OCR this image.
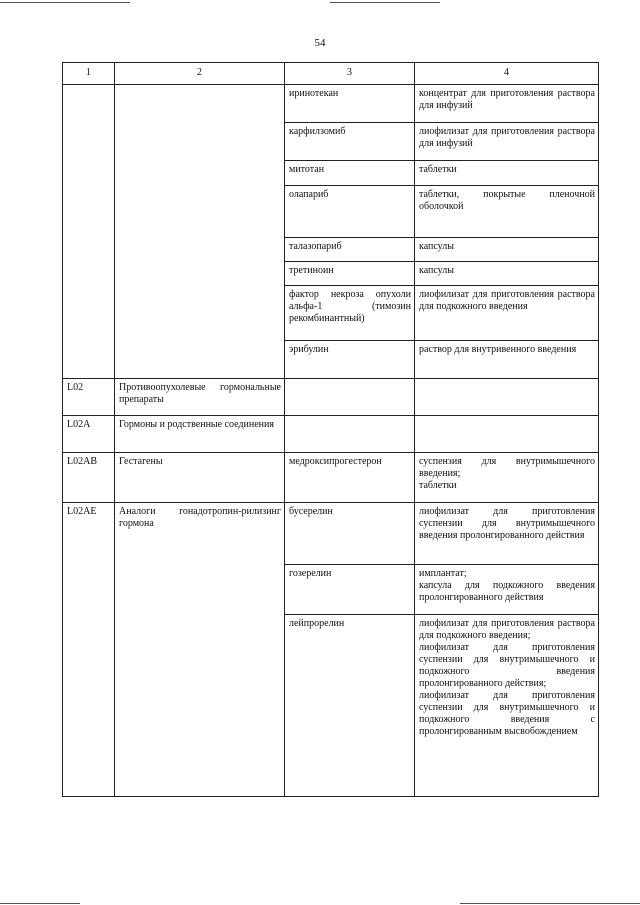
54
1	2	3	4
		иринотекан	концентрат для приготовления раствора для инфузий
		карфилзомиб	лиофилизат для приготовления раствора для инфузий
		митотан	таблетки
		олапариб	таблетки, покрытые пленочной оболочкой
		талазопариб	капсулы
		третиноин	капсулы
		фактор некроза опухоли альфа-1 (тимозин рекомбинантный)	лиофилизат для приготовления раствора для подкожного введения
		эрибулин	раствор для внутривенного введения
L02	Противоопухолевые гормональные препараты		
L02A	Гормоны и родственные соединения		
L02AB	Гестагены	медроксипрогестерон	суспензия для внутримышечного введения;
таблетки

L02AE	Аналоги гонадотропин-рилизинг гормона	бусерелин	лиофилизат для приготовления суспензии для внутримышечного введения пролонгированного действия
		гозерелин	имплантат;
капсула для подкожного введения пролонгированного действия

		лейпрорелин	лиофилизат для приготовления раствора для подкожного введения;
лиофилизат для приготовления суспензии для внутримышечного и подкожного введения пролонгированного действия;
лиофилизат для приготовления суспензии для внутримышечного и подкожного введения с пролонгированным высвобождением
